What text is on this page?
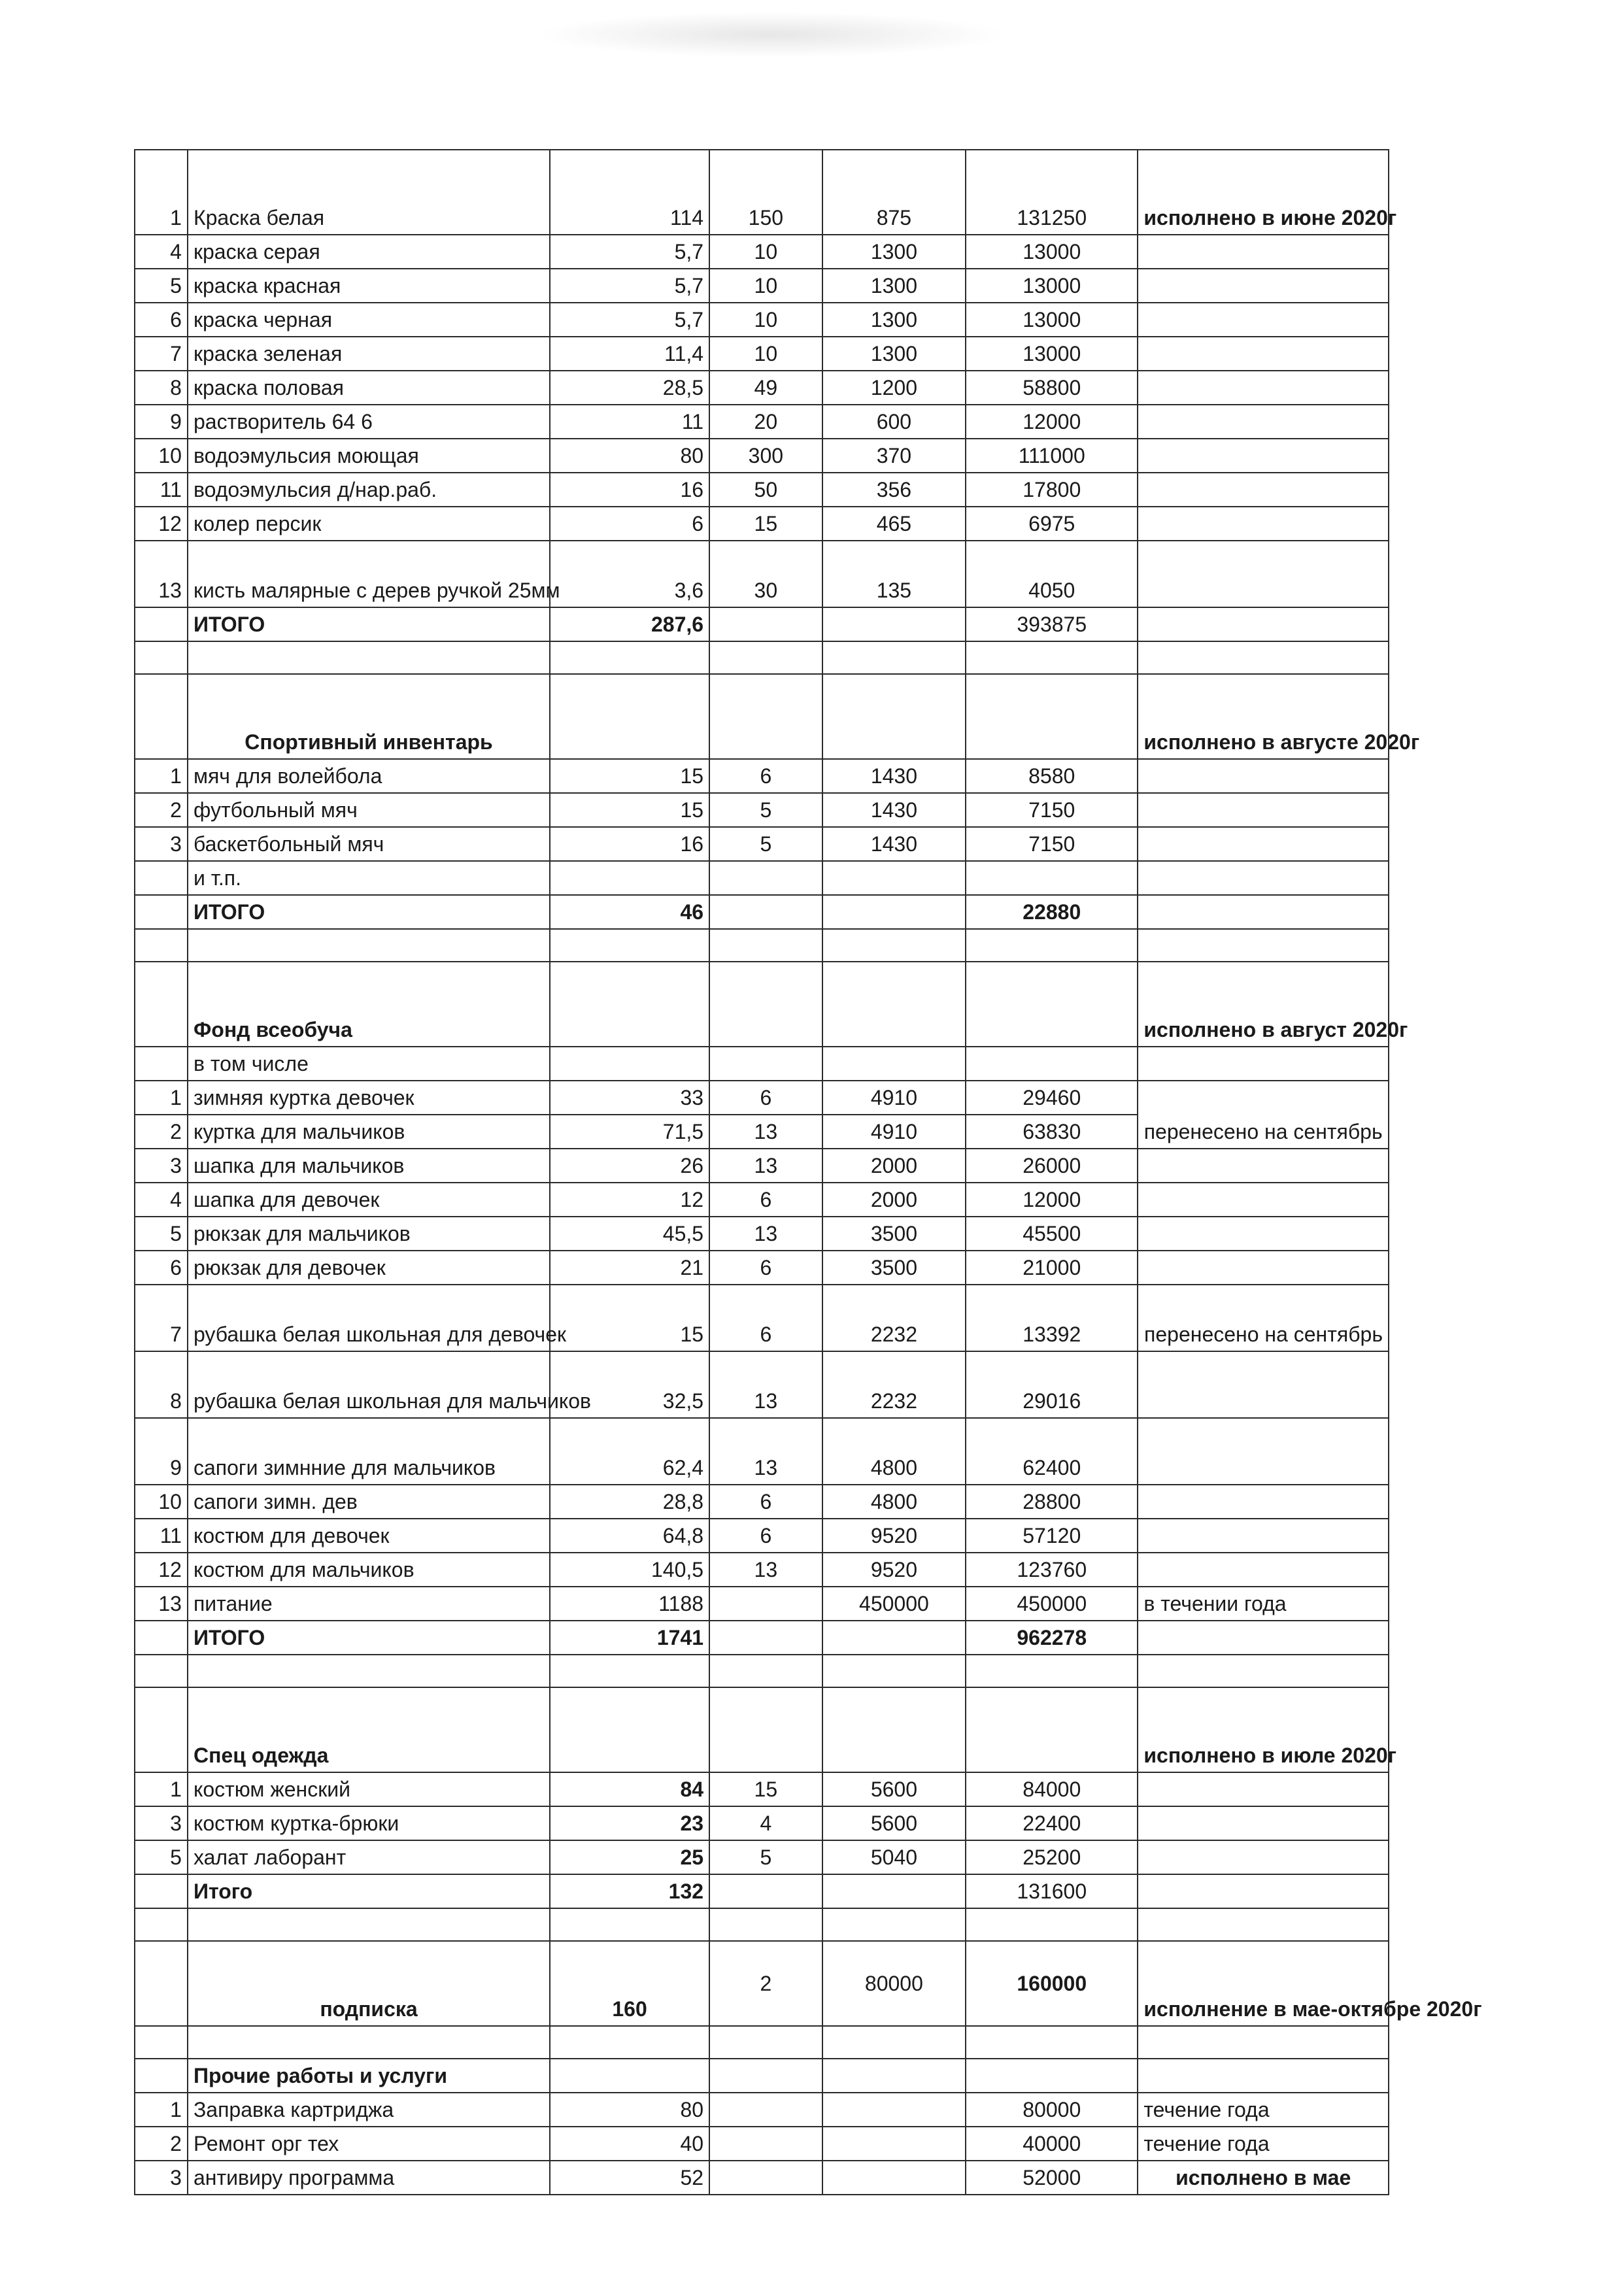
1	Краска белая	114	150	875	131250	исполнено в июне 2020г
4	краска серая	5,7	10	1300	13000	
5	краска красная	5,7	10	1300	13000	
6	краска черная	5,7	10	1300	13000	
7	краска зеленая	11,4	10	1300	13000	
8	краска половая	28,5	49	1200	58800	
9	растворитель 64 6	11	20	600	12000	
10	водоэмульсия моющая	80	300	370	111000	
11	водоэмульсия д/нар.раб.	16	50	356	17800	
12	колер персик	6	15	465	6975	
13	кисть малярные с дерев ручкой 25мм	3,6	30	135	4050	
	ИТОГО	287,6			393875	

	Спортивный инвентарь					исполнено в августе 2020г
1	мяч для волейбола	15	6	1430	8580	
2	футбольный мяч	15	5	1430	7150	
3	баскетбольный мяч	16	5	1430	7150	
	и т.п.					
	ИТОГО	46			22880	

	Фонд всеобуча					исполнено в август 2020г
	в том числе					
1	зимняя куртка девочек	33	6	4910	29460	перенесено на сентябрь
2	куртка для мальчиков	71,5	13	4910	63830	
3	шапка для мальчиков	26	13	2000	26000	
4	шапка для девочек	12	6	2000	12000	
5	рюкзак для мальчиков	45,5	13	3500	45500	
6	рюкзак для девочек	21	6	3500	21000	
7	рубашка белая школьная для девочек	15	6	2232	13392	перенесено на сентябрь
8	рубашка белая школьная для мальчиков	32,5	13	2232	29016	
9	сапоги зимнние для мальчиков	62,4	13	4800	62400	
10	сапоги зимн. дев	28,8	6	4800	28800	
11	костюм для девочек	64,8	6	9520	57120	
12	костюм для мальчиков	140,5	13	9520	123760	
13	питание	1188		450000	450000	в течении года
	ИТОГО	1741			962278	

	Спец одежда					исполнено в июле 2020г
1	костюм женский	84	15	5600	84000	
3	костюм куртка-брюки	23	4	5600	22400	
5	халат лаборант	25	5	5040	25200	
	Итого	132			131600	

	подписка	160	2	80000	160000	исполнение в мае-октябре 2020г

	Прочие работы и услуги					
1	Заправка картриджа	80			80000	течение года
2	Ремонт орг тех	40			40000	течение года
3	антивиру программа	52			52000	исполнено в мае
